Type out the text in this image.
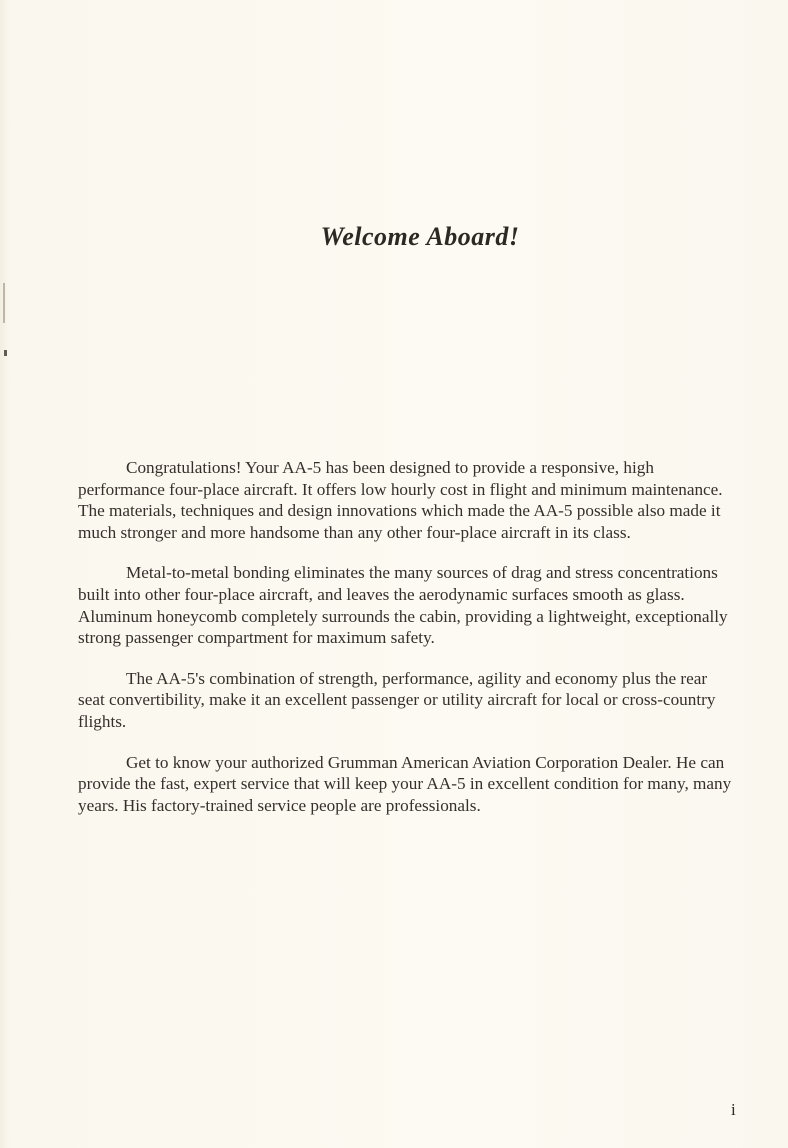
Welcome Aboard!

Congratulations! Your AA-5 has been designed to provide a responsive, high performance four-place aircraft. It offers low hourly cost in flight and minimum maintenance. The materials, techniques and design innovations which made the AA-5 possible also made it much stronger and more handsome than any other four-place aircraft in its class.

Metal-to-metal bonding eliminates the many sources of drag and stress concentrations built into other four-place aircraft, and leaves the aerodynamic surfaces smooth as glass. Aluminum honeycomb completely surrounds the cabin, providing a lightweight, exceptionally strong passenger compartment for maximum safety.

The AA-5's combination of strength, performance, agility and economy plus the rear seat convertibility, make it an excellent passenger or utility aircraft for local or cross-country flights.

Get to know your authorized Grumman American Aviation Corporation Dealer. He can provide the fast, expert service that will keep your AA-5 in excellent condition for many, many years. His factory-trained service people are professionals.

i
